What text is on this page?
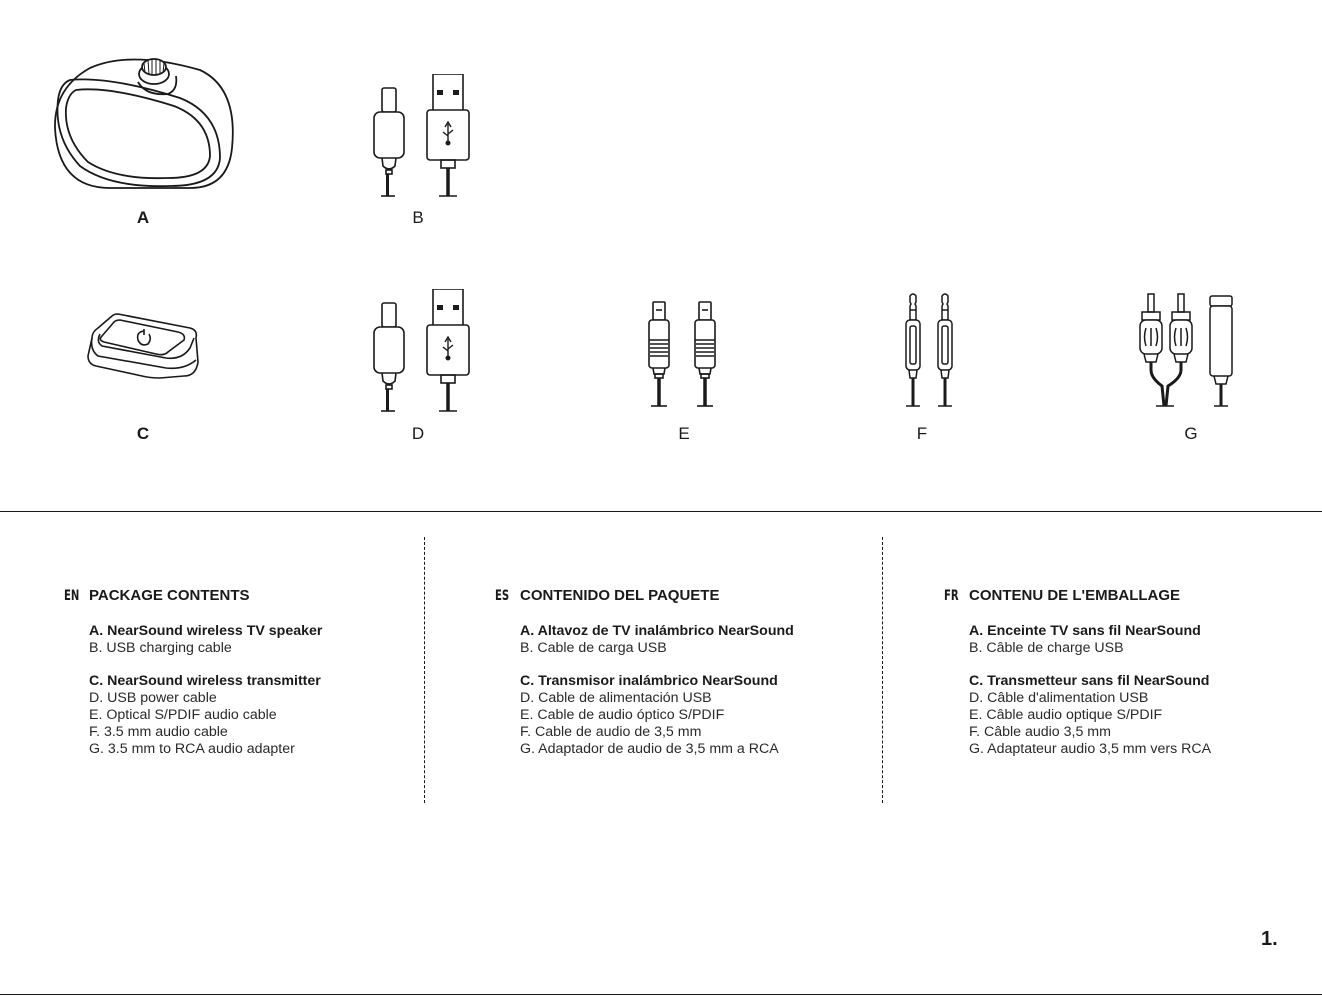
A	B
C	D	E	F	G
EN PACKAGE CONTENTS
A. NearSound wireless TV speaker
B. USB charging cable
C. NearSound wireless transmitter
D. USB power cable
E. Optical S/PDIF audio cable
F. 3.5 mm audio cable
G. 3.5 mm to RCA audio adapter
ES CONTENIDO DEL PAQUETE
A. Altavoz de TV inalámbrico NearSound
B. Cable de carga USB
C. Transmisor inalámbrico NearSound
D. Cable de alimentación USB
E. Cable de audio óptico S/PDIF
F. Cable de audio de 3,5 mm
G. Adaptador de audio de 3,5 mm a RCA
FR CONTENU DE L'EMBALLAGE
A. Enceinte TV sans fil NearSound
B. Câble de charge USB
C. Transmetteur sans fil NearSound
D. Câble d'alimentation USB
E. Câble audio optique S/PDIF
F. Câble audio 3,5 mm
G. Adaptateur audio 3,5 mm vers RCA
1.
